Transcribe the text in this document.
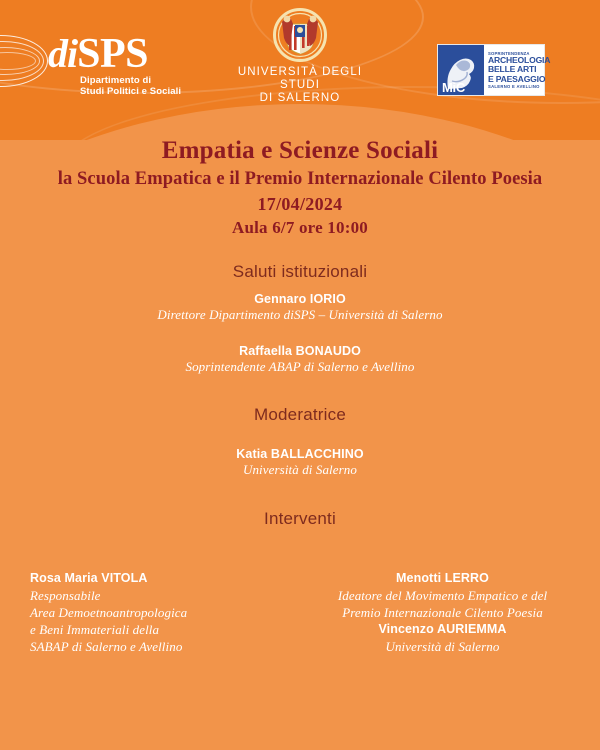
diSPS
Dipartimento di
Studi Politici e Sociali
UNIVERSITÀ DEGLI STUDI
DI SALERNO
MiC
SOPRINTENDENZA
ARCHEOLOGIA
BELLE ARTI
E PAESAGGIO
SALERNO E AVELLINO
Empatia e Scienze Sociali
la Scuola Empatica e il Premio Internazionale Cilento Poesia
17/04/2024
Aula 6/7 ore 10:00
Saluti istituzionali
Gennaro IORIO
Direttore Dipartimento diSPS – Università di Salerno
Raffaella BONAUDO
Soprintendente ABAP di Salerno e Avellino
Moderatrice
Katia BALLACCHINO
Università di Salerno
Interventi
Rosa Maria VITOLA
Responsabile
Area Demoetnoantropologica
e Beni Immateriali della
SABAP di Salerno e Avellino
Menotti LERRO
Ideatore del Movimento Empatico e del
Premio Internazionale Cilento Poesia
Vincenzo AURIEMMA
Università di Salerno
